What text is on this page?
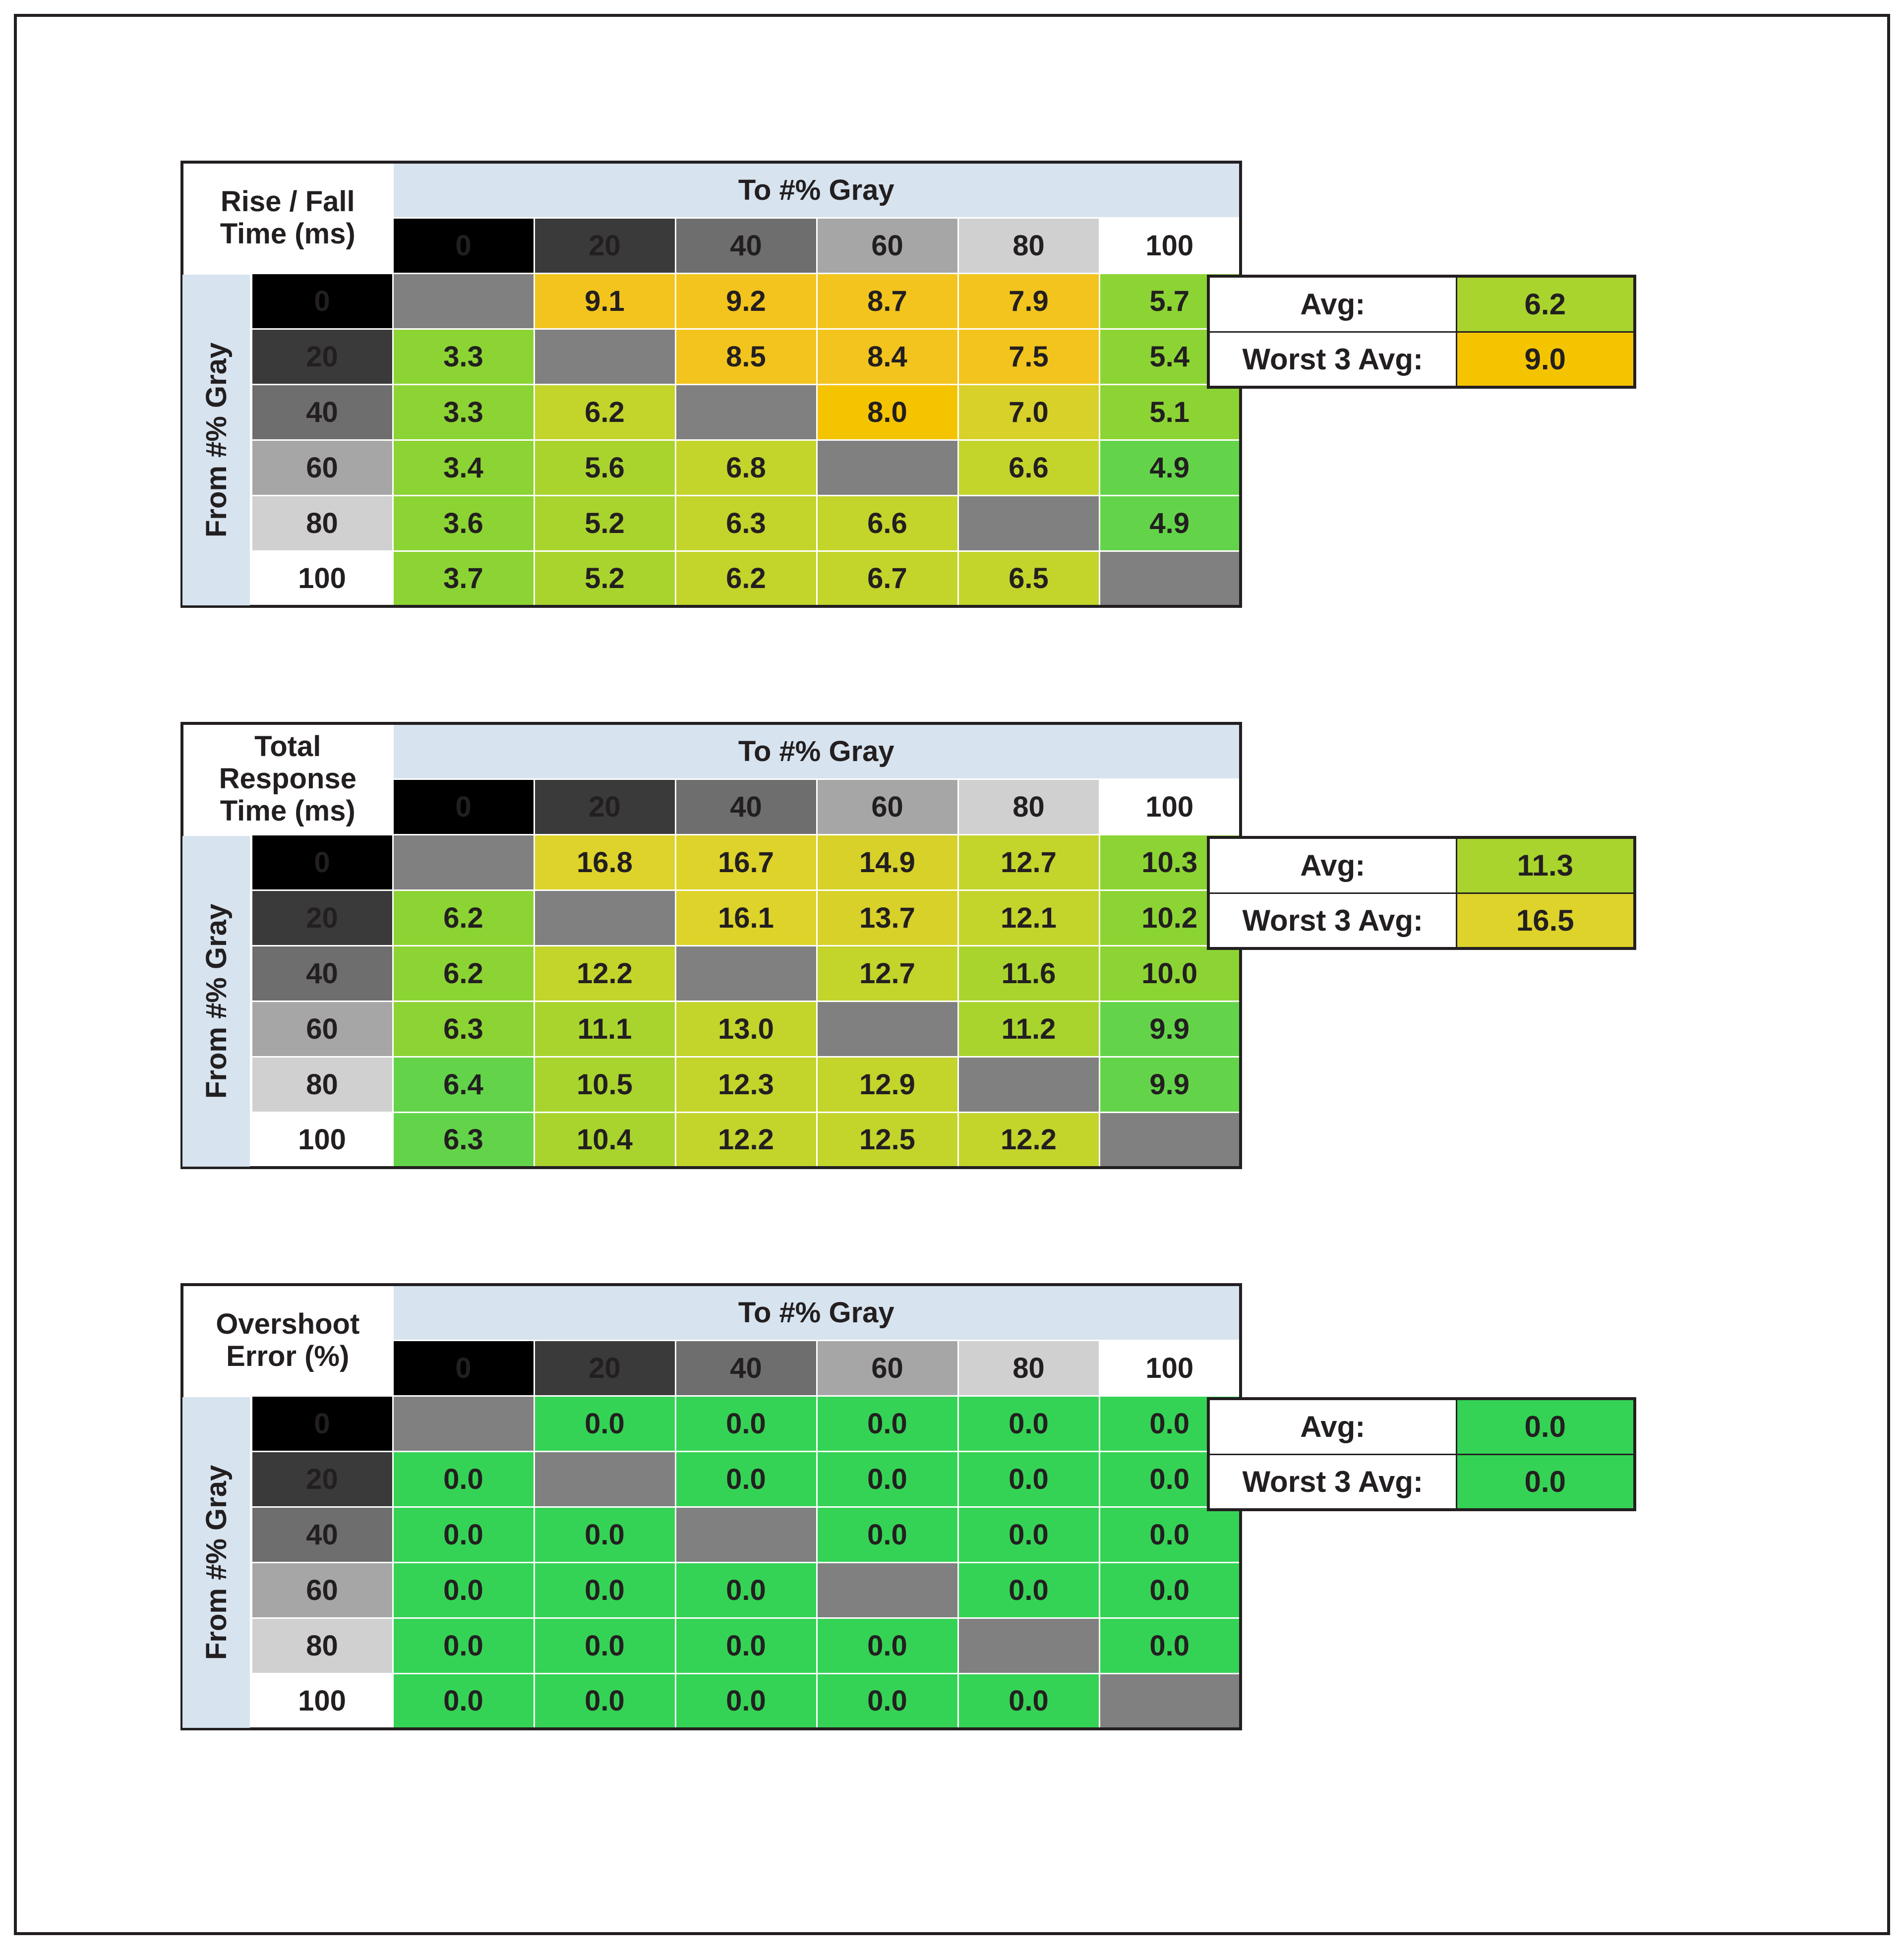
Rise / Fall
Time (ms)		To #% Gray					
		0	20	40	60	80	100
From #% Gray	0		9.1	9.2	8.7	7.9	5.7
	20	3.3		8.5	8.4	7.5	5.4
	40	3.3	6.2		8.0	7.0	5.1
	60	3.4	5.6	6.8		6.6	4.9
	80	3.6	5.2	6.3	6.6		4.9
	100	3.7	5.2	6.2	6.7	6.5	
Avg:	6.2
Worst 3 Avg:	9.0
Total Response
Time (ms)		To #% Gray					
		0	20	40	60	80	100
From #% Gray	0		16.8	16.7	14.9	12.7	10.3
	20	6.2		16.1	13.7	12.1	10.2
	40	6.2	12.2		12.7	11.6	10.0
	60	6.3	11.1	13.0		11.2	9.9
	80	6.4	10.5	12.3	12.9		9.9
	100	6.3	10.4	12.2	12.5	12.2	
Avg:	11.3
Worst 3 Avg:	16.5
Overshoot
Error (%)		To #% Gray					
		0	20	40	60	80	100
From #% Gray	0		0.0	0.0	0.0	0.0	0.0
	20	0.0		0.0	0.0	0.0	0.0
	40	0.0	0.0		0.0	0.0	0.0
	60	0.0	0.0	0.0		0.0	0.0
	80	0.0	0.0	0.0	0.0		0.0
	100	0.0	0.0	0.0	0.0	0.0	
Avg:	0.0
Worst 3 Avg:	0.0
